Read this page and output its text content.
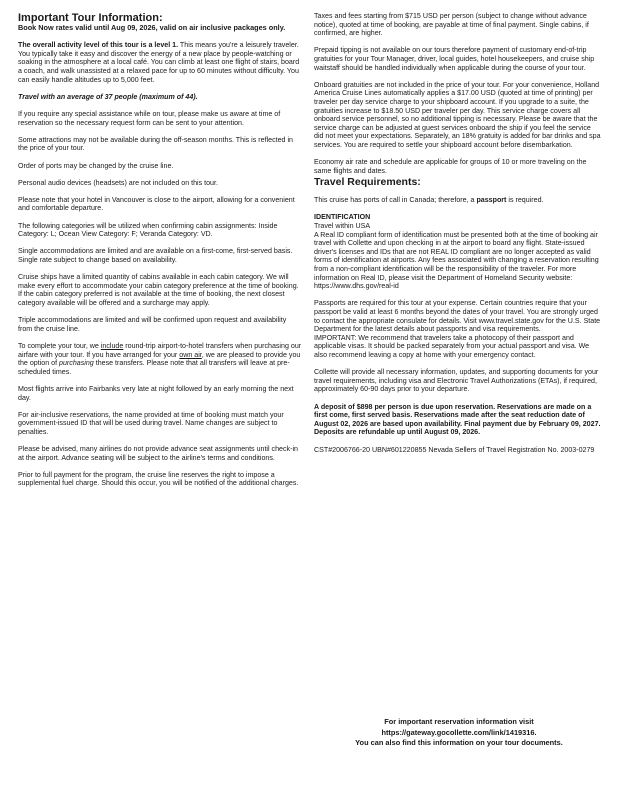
Important Tour Information:

Book Now rates valid until Aug 09, 2026, valid on air inclusive packages only.

The overall activity level of this tour is a level 1. This means you're a leisurely traveler. You typically take it easy and discover the energy of a new place by people-watching or soaking in the atmosphere at a local café. You can climb at least one flight of stairs, board a coach, and walk unassisted at a relaxed pace for up to 60 minutes without difficulty. You can easily handle altitudes up to 5,000 feet.

Travel with an average of 37 people (maximum of 44).

If you require any special assistance while on tour, please make us aware at time of reservation so the necessary request form can be sent to your attention.

Some attractions may not be available during the off-season months. This is reflected in the price of your tour.

Order of ports may be changed by the cruise line.

Personal audio devices (headsets) are not included on this tour.

Please note that your hotel in Vancouver is close to the airport, allowing for a convenient and comfortable departure.

The following categories will be utilized when confirming cabin assignments: Inside Category: L; Ocean View Category: F; Veranda Category: VD.

Single accommodations are limited and are available on a first-come, first-served basis. Single rate subject to change based on availability.

Cruise ships have a limited quantity of cabins available in each cabin category. We will make every effort to accommodate your cabin category preference at the time of booking. If the cabin category preferred is not available at the time of booking, the next closest category available will be offered and a surcharge may apply.

Triple accommodations are limited and will be confirmed upon request and availability from the cruise line.

To complete your tour, we include round-trip airport-to-hotel transfers when purchasing our airfare with your tour. If you have arranged for your own air, we are pleased to provide you the option of purchasing these transfers. Please note that all transfers will leave at pre-scheduled times.

Most flights arrive into Fairbanks very late at night followed by an early morning the next day.

For air-inclusive reservations, the name provided at time of booking must match your government-issued ID that will be used during travel. Name changes are subject to penalties.

Please be advised, many airlines do not provide advance seat assignments until check-in at the airport. Advance seating will be subject to the airline's terms and conditions.

Prior to full payment for the program, the cruise line reserves the right to impose a supplemental fuel charge. Should this occur, you will be notified of the additional charges.

Taxes and fees starting from $715 USD per person (subject to change without advance notice), quoted at time of booking, are payable at time of final payment. Single cabins, if confirmed, are higher.

Prepaid tipping is not available on our tours therefore payment of customary end-of-trip gratuities for your Tour Manager, driver, local guides, hotel housekeepers, and cruise ship waitstaff should be handled individually when applicable during the course of your tour.

Onboard gratuities are not included in the price of your tour. For your convenience, Holland America Cruise Lines automatically applies a $17.00 USD (quoted at time of printing) per traveler per day service charge to your shipboard account. If you upgrade to a suite, the gratuities increase to $18.50 USD per traveler per day. This service charge covers all onboard service personnel, so no additional tipping is necessary. Please be aware that the service charge can be adjusted at guest services onboard the ship if you feel the service did not meet your expectations. Separately, an 18% gratuity is added for bar drinks and spa services. You are required to settle your shipboard account before disembarkation.

Economy air rate and schedule are applicable for groups of 10 or more traveling on the same flights and dates.

Travel Requirements:

This cruise has ports of call in Canada; therefore, a passport is required.

IDENTIFICATION
Travel within USA
A Real ID compliant form of identification must be presented both at the time of booking air travel with Collette and upon checking in at the airport to board any flight. State-issued driver's licenses and IDs that are not REAL ID compliant are no longer accepted as valid forms of identification at airports. Any fees associated with changing a reservation resulting from a non-compliant identification will be the responsibility of the traveler. For more information on Real ID, please visit the Department of Homeland Security website: https://www.dhs.gov/real-id

Passports are required for this tour at your expense. Certain countries require that your passport be valid at least 6 months beyond the dates of your travel. You are strongly urged to contact the appropriate consulate for details. Visit www.travel.state.gov for the U.S. State Department for the latest details about passports and visa requirements.
IMPORTANT: We recommend that travelers take a photocopy of their passport and applicable visas. It should be packed separately from your actual passport and visa. We also recommend leaving a copy at home with your emergency contact.

Collette will provide all necessary information, updates, and supporting documents for your travel requirements, including visa and Electronic Travel Authorizations (ETAs), if required, approximately 60-90 days prior to your departure.

A deposit of $898 per person is due upon reservation. Reservations are made on a first come, first served basis. Reservations made after the seat reduction date of August 02, 2026 are based upon availability. Final payment due by February 09, 2027. Deposits are refundable up until August 09, 2026.

CST#2006766-20 UBN#601220855 Nevada Sellers of Travel Registration No. 2003-0279

For important reservation information visit
https://gateway.gocollette.com/link/1419316.
You can also find this information on your tour documents.
